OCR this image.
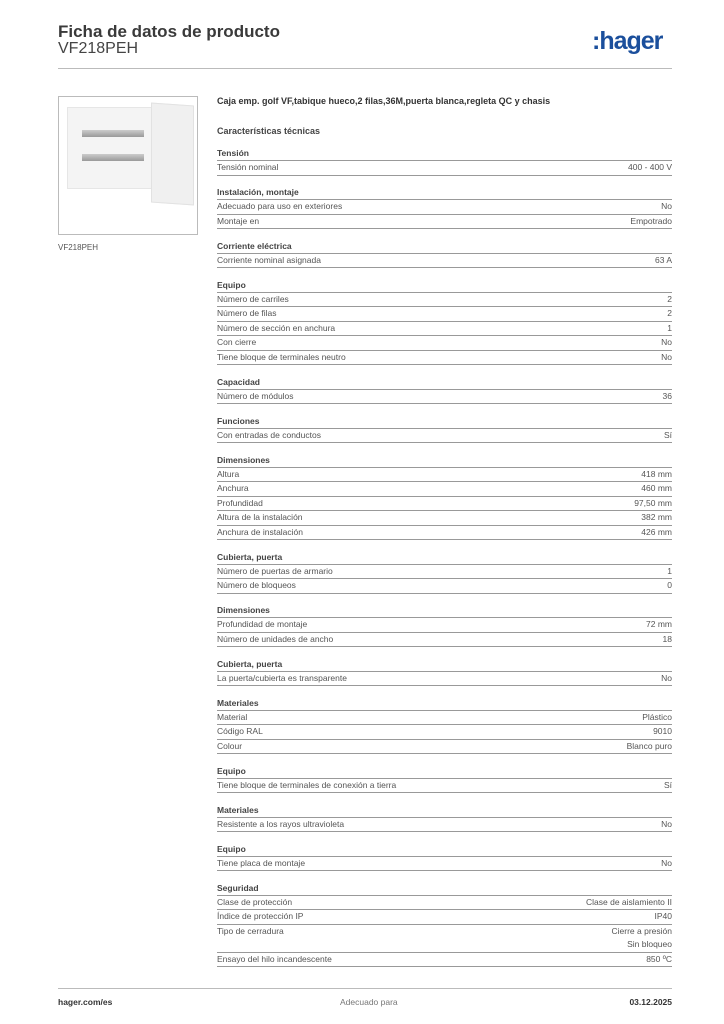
Ficha de datos de producto
VF218PEH	:hager
VF218PEH
Caja emp. golf VF,tabique hueco,2 filas,36M,puerta blanca,regleta QC y chasis
Características técnicas
Tensión
Tensión nominal	400 - 400 V
Instalación, montaje
Adecuado para uso en exteriores	No
Montaje en	Empotrado
Corriente eléctrica
Corriente nominal asignada	63 A
Equipo
Número de carriles	2
Número de filas	2
Número de sección en anchura	1
Con cierre	No
Tiene bloque de terminales neutro	No
Capacidad
Número de módulos	36
Funciones
Con entradas de conductos	Sí
Dimensiones
Altura	418 mm
Anchura	460 mm
Profundidad	97,50 mm
Altura de la instalación	382 mm
Anchura de instalación	426 mm
Cubierta, puerta
Número de puertas de armario	1
Número de bloqueos	0
Dimensiones
Profundidad de montaje	72 mm
Número de unidades de ancho	18
Cubierta, puerta
La puerta/cubierta es transparente	No
Materiales
Material	Plástico
Código RAL	9010
Colour	Blanco puro
Equipo
Tiene bloque de terminales de conexión a tierra	Sí
Materiales
Resistente a los rayos ultravioleta	No
Equipo
Tiene placa de montaje	No
Seguridad
Clase de protección	Clase de aislamiento II
Índice de protección IP	IP40
Tipo de cerradura	Cierre a presión
Sin bloqueo
Ensayo del hilo incandescente	850 ºC
hager.com/es	Adecuado para	03.12.2025
